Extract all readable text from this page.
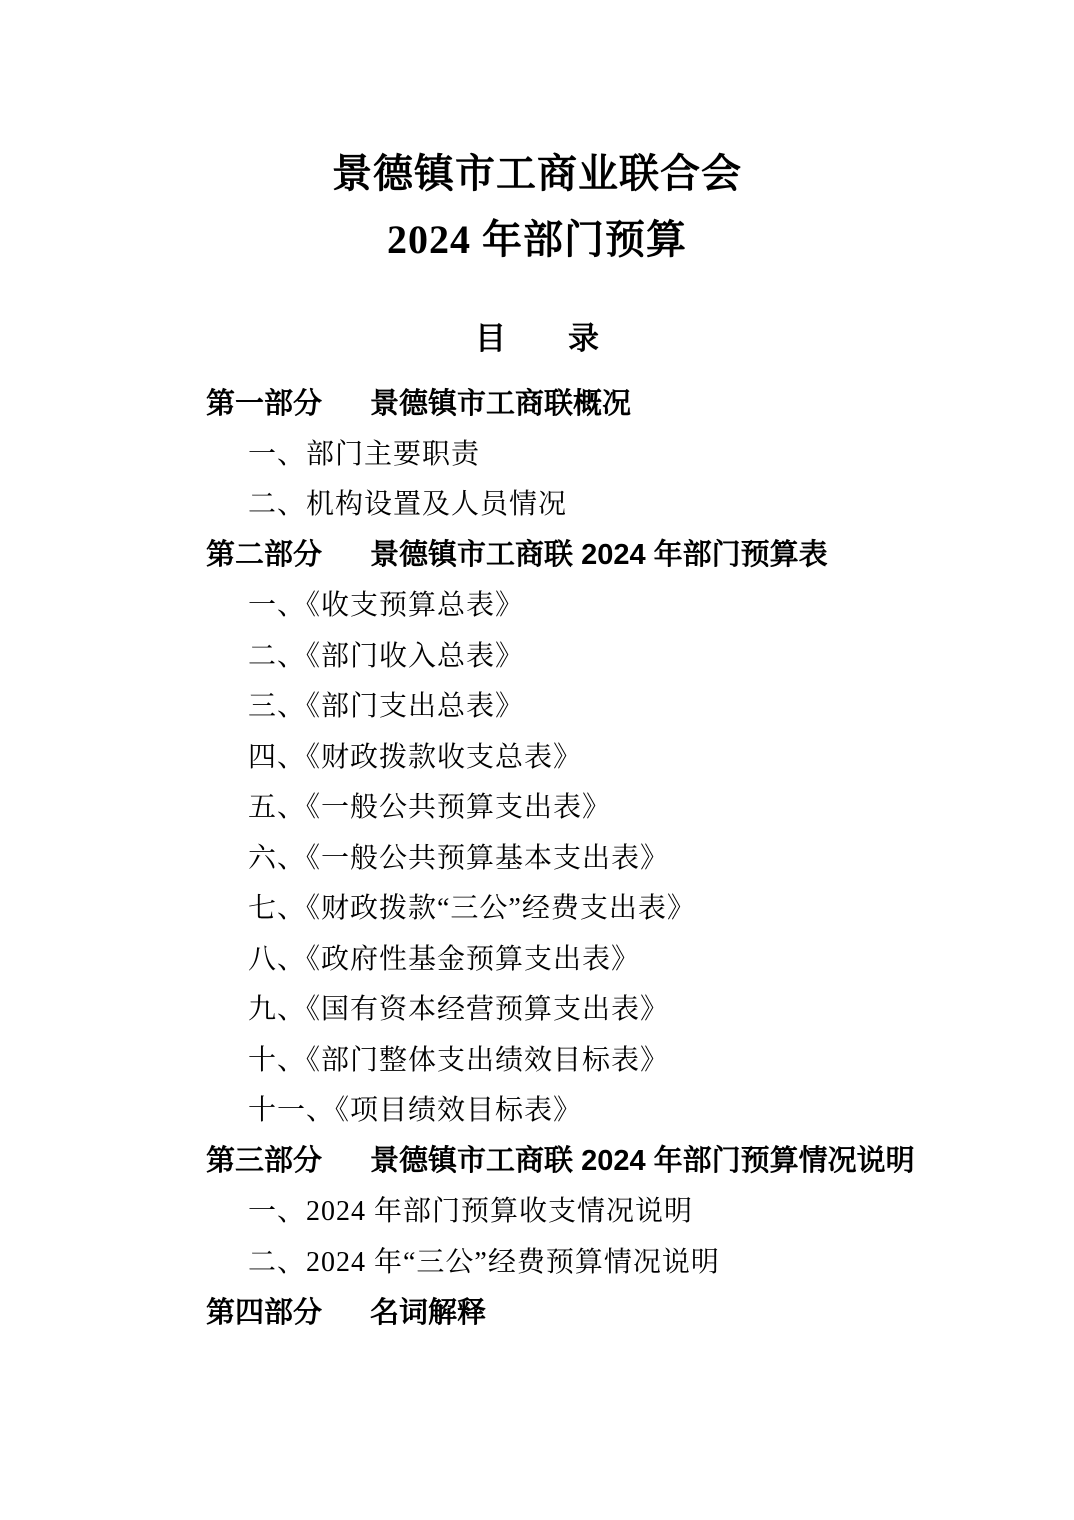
景德镇市工商业联合会
2024 年部门预算
目 录
第一部分 景德镇市工商联概况
一、部门主要职责
二、机构设置及人员情况
第二部分 景德镇市工商联 2024 年部门预算表
一、《收支预算总表》
二、《部门收入总表》
三、《部门支出总表》
四、《财政拨款收支总表》
五、《一般公共预算支出表》
六、《一般公共预算基本支出表》
七、《财政拨款“三公”经费支出表》
八、《政府性基金预算支出表》
九、《国有资本经营预算支出表》
十、《部门整体支出绩效目标表》
十一、《项目绩效目标表》
第三部分 景德镇市工商联 2024 年部门预算情况说明
一、2024 年部门预算收支情况说明
二、2024 年“三公”经费预算情况说明
第四部分 名词解释
